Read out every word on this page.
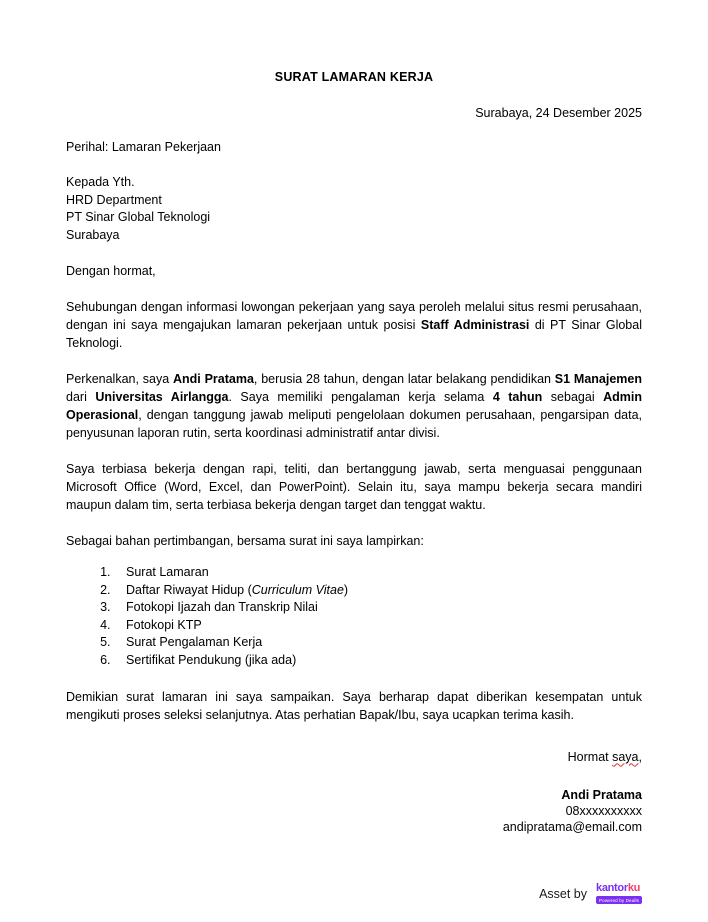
SURAT LAMARAN KERJA

Surabaya, 24 Desember 2025

Perihal: Lamaran Pekerjaan

Kepada Yth.

HRD Department

PT Sinar Global Teknologi

Surabaya

Dengan hormat,

Sehubungan dengan informasi lowongan pekerjaan yang saya peroleh melalui situs resmi perusahaan, dengan ini saya mengajukan lamaran pekerjaan untuk posisi Staff Administrasi di PT Sinar Global Teknologi.

Perkenalkan, saya Andi Pratama, berusia 28 tahun, dengan latar belakang pendidikan S1 Manajemen dari Universitas Airlangga. Saya memiliki pengalaman kerja selama 4 tahun sebagai Admin Operasional, dengan tanggung jawab meliputi pengelolaan dokumen perusahaan, pengarsipan data, penyusunan laporan rutin, serta koordinasi administratif antar divisi.

Saya terbiasa bekerja dengan rapi, teliti, dan bertanggung jawab, serta menguasai penggunaan Microsoft Office (Word, Excel, dan PowerPoint). Selain itu, saya mampu bekerja secara mandiri maupun dalam tim, serta terbiasa bekerja dengan target dan tenggat waktu.

Sebagai bahan pertimbangan, bersama surat ini saya lampirkan:

1. Surat Lamaran
2. Daftar Riwayat Hidup (Curriculum Vitae)
3. Fotokopi Ijazah dan Transkrip Nilai
4. Fotokopi KTP
5. Surat Pengalaman Kerja
6. Sertifikat Pendukung (jika ada)

Demikian surat lamaran ini saya sampaikan. Saya berharap dapat diberikan kesempatan untuk mengikuti proses seleksi selanjutnya. Atas perhatian Bapak/Ibu, saya ucapkan terima kasih.

Hormat saya,

Andi Pratama

08xxxxxxxxxx

andipratama@email.com

Asset by kantorku
Powered by Dealls
